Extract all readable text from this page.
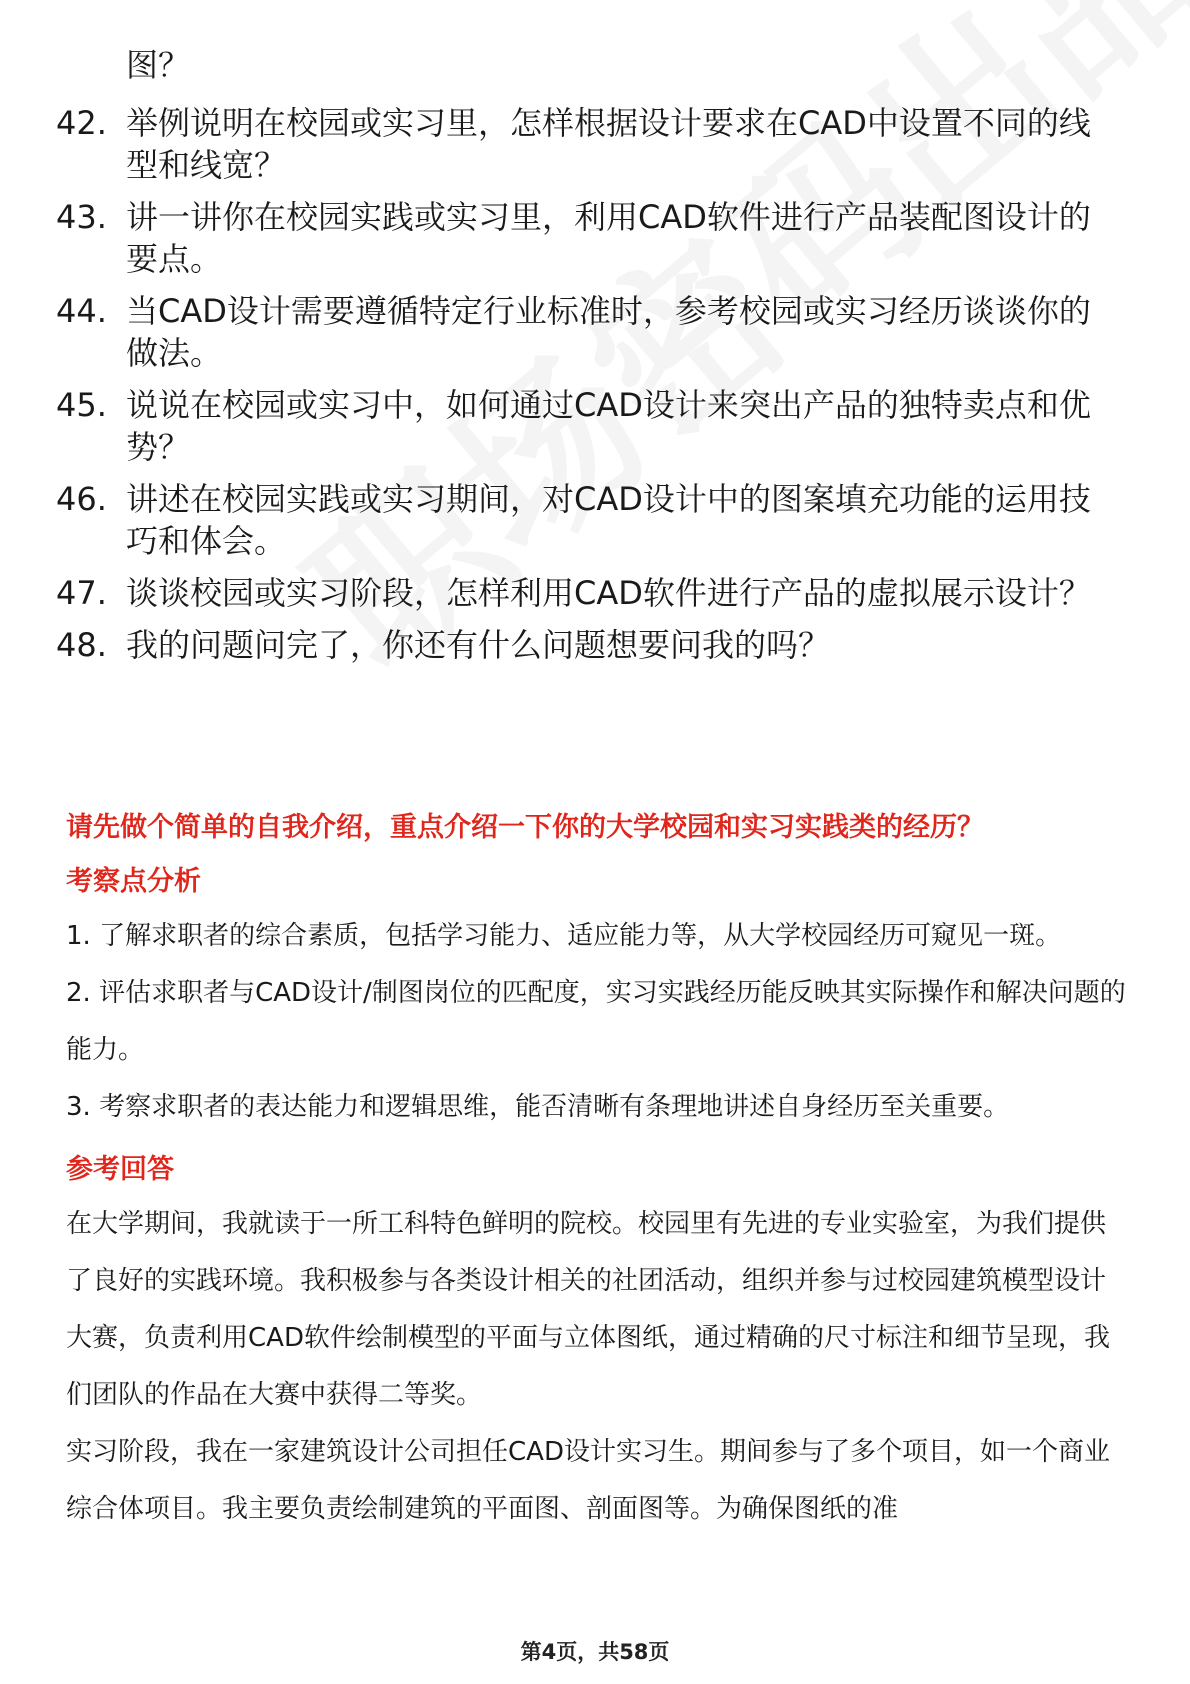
图？
42. 举例说明在校园或实习里，怎样根据设计要求在CAD中设置不同的线型和线宽？
43. 讲一讲你在校园实践或实习里，利用CAD软件进行产品装配图设计的要点。
44. 当CAD设计需要遵循特定行业标准时，参考校园或实习经历谈谈你的做法。
45. 说说在校园或实习中，如何通过CAD设计来突出产品的独特卖点和优势？
46. 讲述在校园实践或实习期间，对CAD设计中的图案填充功能的运用技巧和体会。
47. 谈谈校园或实习阶段，怎样利用CAD软件进行产品的虚拟展示设计？
48. 我的问题问完了，你还有什么问题想要问我的吗？

请先做个简单的自我介绍，重点介绍一下你的大学校园和实习实践类的经历？

考察点分析

1. 了解求职者的综合素质，包括学习能力、适应能力等，从大学校园经历可窥见一斑。

2. 评估求职者与CAD设计/制图岗位的匹配度，实习实践经历能反映其实际操作和解决问题的能力。

3. 考察求职者的表达能力和逻辑思维，能否清晰有条理地讲述自身经历至关重要。

参考回答

在大学期间，我就读于一所工科特色鲜明的院校。校园里有先进的专业实验室，为我们提供了良好的实践环境。我积极参与各类设计相关的社团活动，组织并参与过校园建筑模型设计大赛，负责利用CAD软件绘制模型的平面与立体图纸，通过精确的尺寸标注和细节呈现，我们团队的作品在大赛中获得二等奖。

实习阶段，我在一家建筑设计公司担任CAD设计实习生。期间参与了多个项目，如一个商业综合体项目。我主要负责绘制建筑的平面图、剖面图等。为确保图纸的准

第4页，共58页
